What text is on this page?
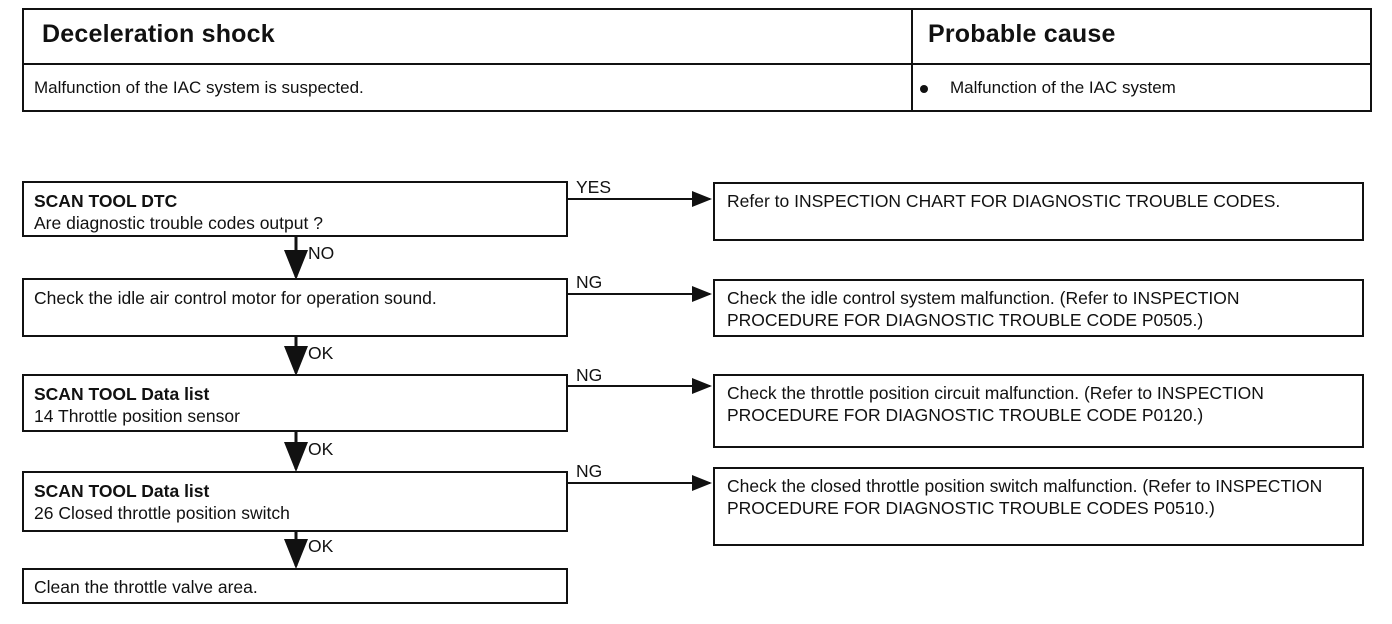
Deceleration shock	Probable cause
Malfunction of the IAC system is suspected.	Malfunction of the IAC system
SCAN TOOL DTC
Are diagnostic trouble codes output ?
Check the idle air control motor for operation sound.
SCAN TOOL Data list
14 Throttle position sensor
SCAN TOOL Data list
26 Closed throttle position switch
Clean the throttle valve area.
NO
OK
OK
OK
YES
NG
NG
NG
Refer to INSPECTION CHART FOR DIAGNOSTIC TROUBLE CODES.
Check the idle control system malfunction. (Refer to INSPECTION PROCEDURE FOR DIAGNOSTIC TROUBLE CODE P0505.)
Check the throttle position circuit malfunction. (Refer to INSPECTION PROCEDURE FOR DIAGNOSTIC TROUBLE CODE P0120.)
Check the closed throttle position switch malfunction. (Refer to INSPECTION PROCEDURE FOR DIAGNOSTIC TROUBLE CODES P0510.)
